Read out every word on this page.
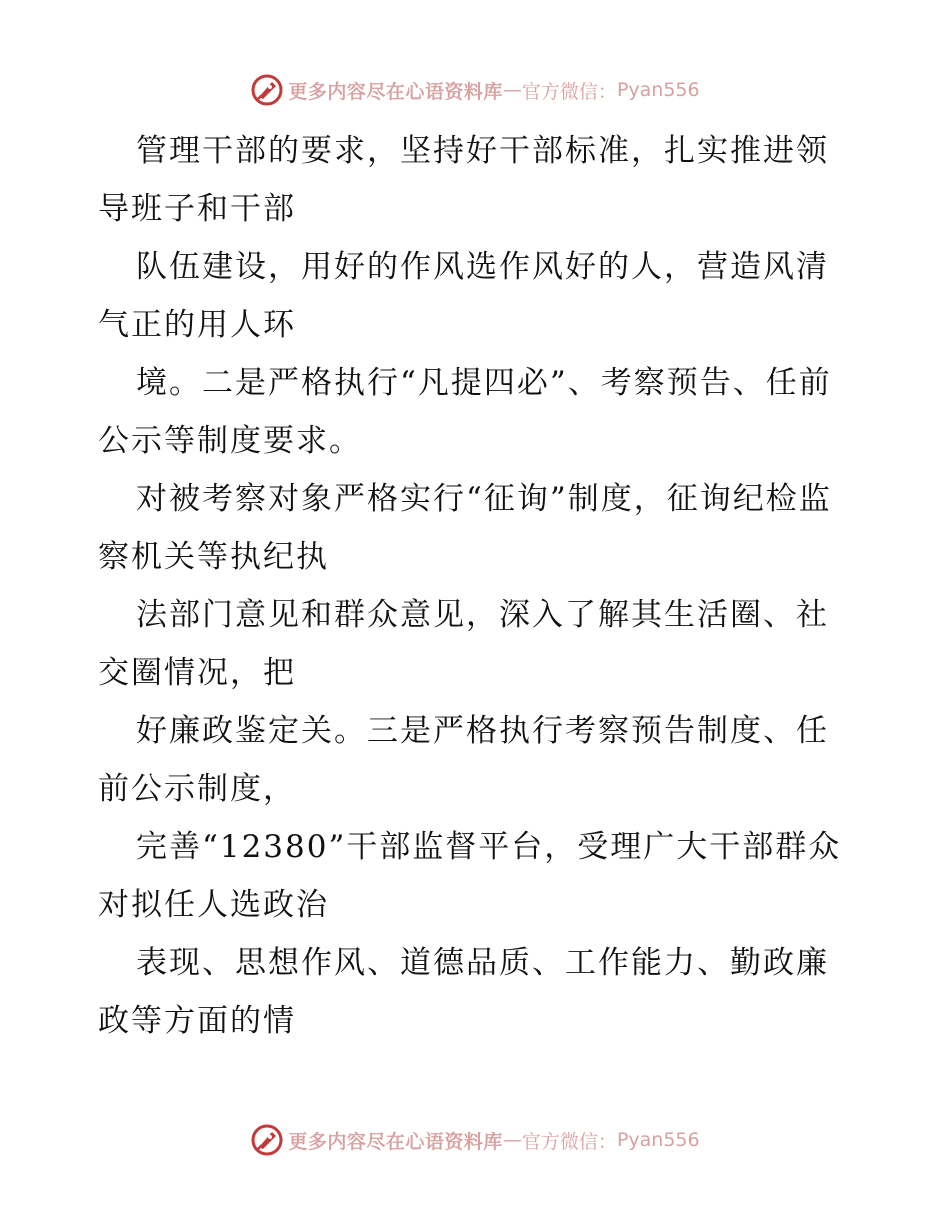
更多内容尽在心语资料库 — 官方微信： Pyan556

管理干部的要求，坚持好干部标准，扎实推进领导班子和干部

队伍建设，用好的作风选作风好的人，营造风清气正的用人环

境。二是严格执行“凡提四必”、考察预告、任前公示等制度要求。

对被考察对象严格实行“征询”制度，征询纪检监察机关等执纪执

法部门意见和群众意见，深入了解其生活圈、社交圈情况，把

好廉政鉴定关。三是严格执行考察预告制度、任前公示制度，

完善“12380”干部监督平台，受理广大干部群众对拟任人选政治

表现、思想作风、道德品质、工作能力、勤政廉政等方面的情

更多内容尽在心语资料库 — 官方微信： Pyan556
